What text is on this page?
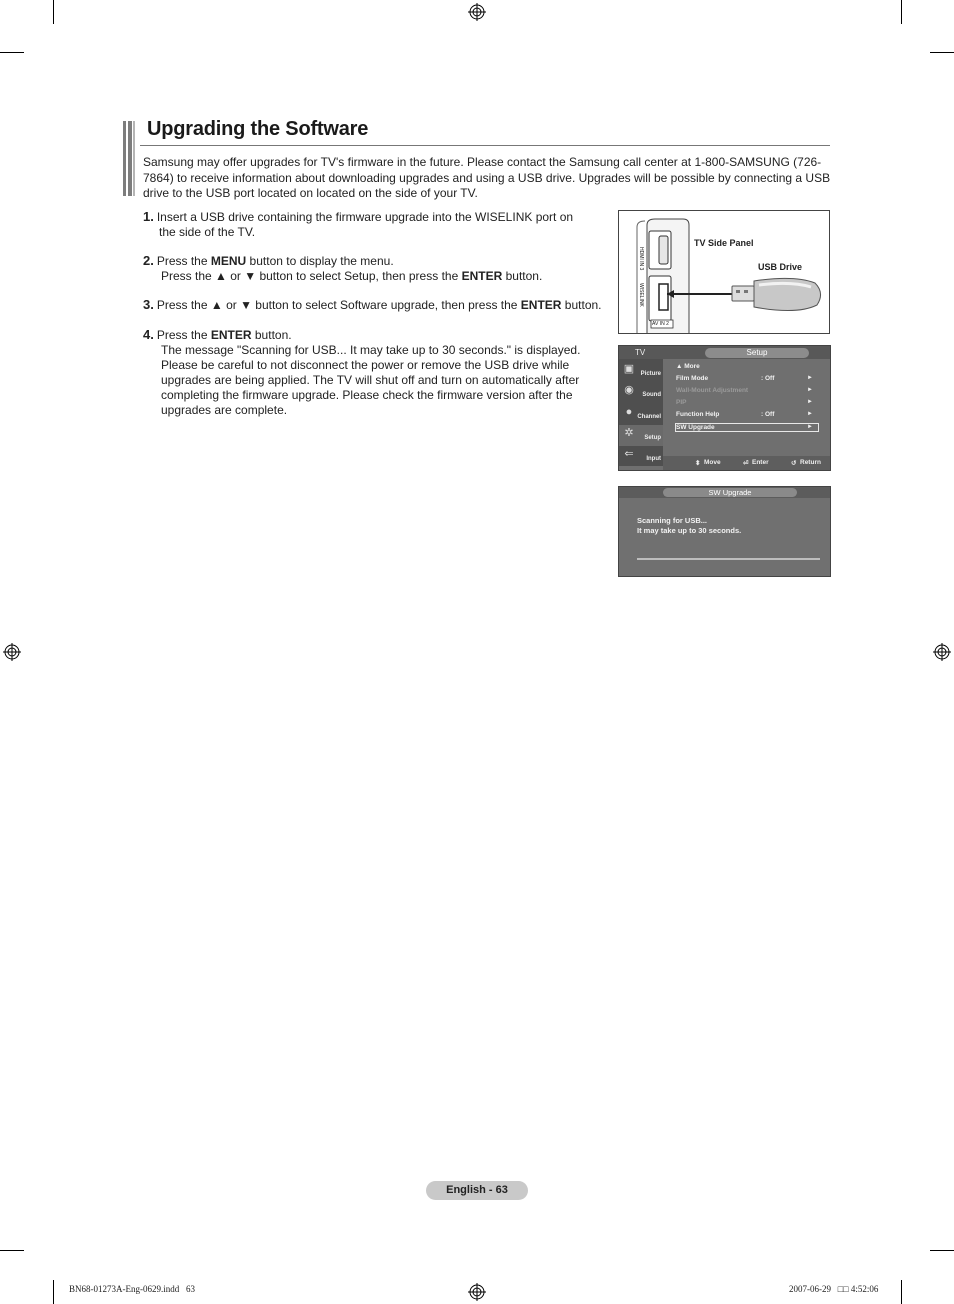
Upgrading the Software
Samsung may offer upgrades for TV's firmware in the future. Please contact the Samsung call center at 1-800-SAMSUNG (726-7864) to receive information about downloading upgrades and using a USB drive. Upgrades will be possible by connecting a USB drive to the USB port located on located on the side of your TV.
1. Insert a USB drive containing the firmware upgrade into the WISELINK port on
the side of the TV.
2. Press the MENU button to display the menu.
Press the ▲ or ▼ button to select Setup, then press the ENTER button.
3. Press the ▲ or ▼ button to select Software upgrade, then press the ENTER button.
4. Press the ENTER button.
The message "Scanning for USB... It may take up to 30 seconds." is displayed.
Please be careful to not disconnect the power or remove the USB drive while
upgrades are being applied. The TV will shut off and turn on automatically after
completing the firmware upgrade. Please check the firmware version after the
upgrades are complete.
HDMI IN 3
WISELINK
AV IN 2
TV Side Panel
USB Drive
TV	Setup
▣ Picture
◉	Sound
● Channel
✲	Setup
⇐	Input
▲ More
Film Mode	: Off	►
Wall-Mount Adjustment	►
PIP	►
Function Help	: Off	►
SW Upgrade	►
⬍ Move	⏎ Enter	↺ Return
SW Upgrade
Scanning for USB...
It may take up to 30 seconds.
English - 63
BN68-01273A-Eng-0629.indd   63	2007-06-29   □□ 4:52:06
